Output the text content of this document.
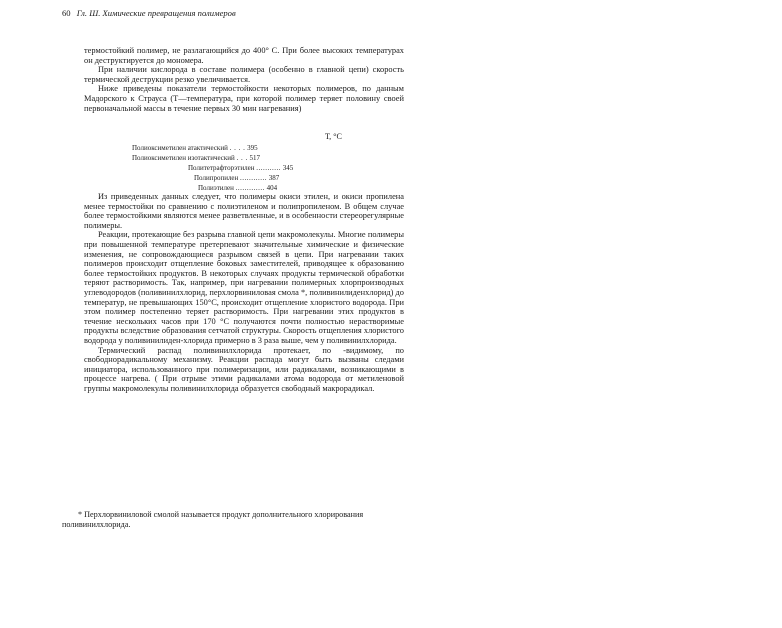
60 Гл. Ш. Химические превращения полимеров

термостойкий полимер, не разлагающийся до 400° С. При более высоких температурах он деструктируется до мономера.

При наличии кислорода в составе полимера (особенно в главной цепи) скорость термической деструкции резко увеличивается.

Ниже приведены показатели термостойкости некоторых полимеров, по данным Мадорского к Страуса (Т—температура, при которой полимер теряет половину своей первоначальной массы в течение первых 30 мин нагревания)

Т, °С
Полиоксиметилен атактический . . . . 395
Полиоксиметилен изотактический . . . 517
Политетрафторэтилен ........... 345
Полипропилен ............ 387
Полиэтилен ............. 404

Из приведенных данных следует, что полимеры окиси этилен, и окиси пропилена менее термостойки по сравнению с полиэтиленом и полипропиленом. В общем случае более термостойкими являются менее разветвленные, и в особенности стереорегулярные полимеры.

Реакции, протекающие без разрыва главной цепи макромолекулы. Многие полимеры при повышенной температуре претерпевают значительные химические и физические изменения, не сопровождающиеся разрывом связей в цепи. При нагревании таких полимеров происходит отщепление боковых заместителей, приводящее к образованию более термостойких продуктов. В некоторых случаях продукты термической обработки теряют растворимость. Так, например, при нагревании полимерных хлорпроизводных углеводородов (поливинилхлорид, перхлорвиниловая смола *, поливинилиденхлорид) до температур, не превышающих 150°С, происходит отщепление хлористого водорода. При этом полимер постепенно теряет растворимость. При нагревании этих продуктов в течение нескольких часов при 170 °С получаются почти полностью нерастворимые продукты вследствие образования сетчатой структуры. Скорость отщепления хлористого водорода у поливинилиден-хлорида примерно в 3 раза выше, чем у поливинилхлорида.

Термический распад поливинилхлорида протекает, по -видимому, по свободнорадикальному механизму. Реакции распада могут быть вызваны следами инициатора, использованного при полимеризации, или радикалами, возникающими в процессе нагрева. ( При отрыве этими радикалами атома водорода от метиленовой группы макромолекулы поливинилхлорида образуется свободный макрорадикал.

* Перхлорвиниловой смолой называется продукт дополнительного хлорирования поливинилхлорида.
